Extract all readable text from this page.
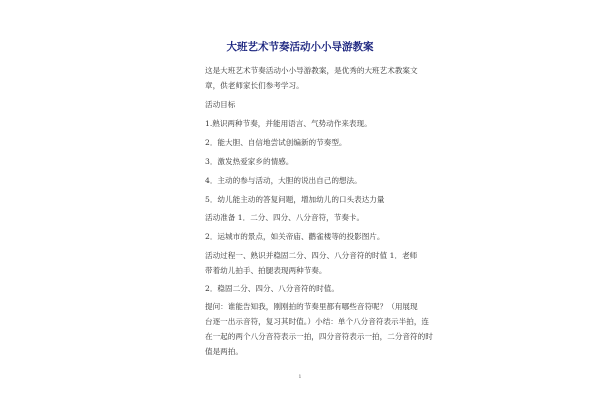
大班艺术节奏活动小小导游教案
这是大班艺术节奏活动小小导游教案，是优秀的大班艺术教案文
章，供老师家长们参考学习。
活动目标
1.熟识两种节奏，并能用语言、气势动作来表现。
2．能大胆、自信地尝试创编新的节奏型。
3．激发热爱家乡的情感。
4．主动的参与活动，大胆的说出自己的想法。
5．幼儿能主动的答复问题，增加幼儿的口头表达力量
活动准备 1．二分、四分、八分音符，节奏卡。
2．运城市的景点，如关帝庙、鹳雀楼等的投影图片。
活动过程一、熟识并稳固二分、四分、八分音符的时值 1．老师
带着幼儿拍手、拍腿表现两种节奏。
2．稳固二分、四分、八分音符的时值。
提问：谁能告知我，刚刚拍的节奏里都有哪些音符呢？（用展现
台逐一出示音符，复习其时值。）小结：单个八分音符表示半拍，连
在一起的两个八分音符表示一拍，四分音符表示一拍，二分音符的时
值是两拍。
1
